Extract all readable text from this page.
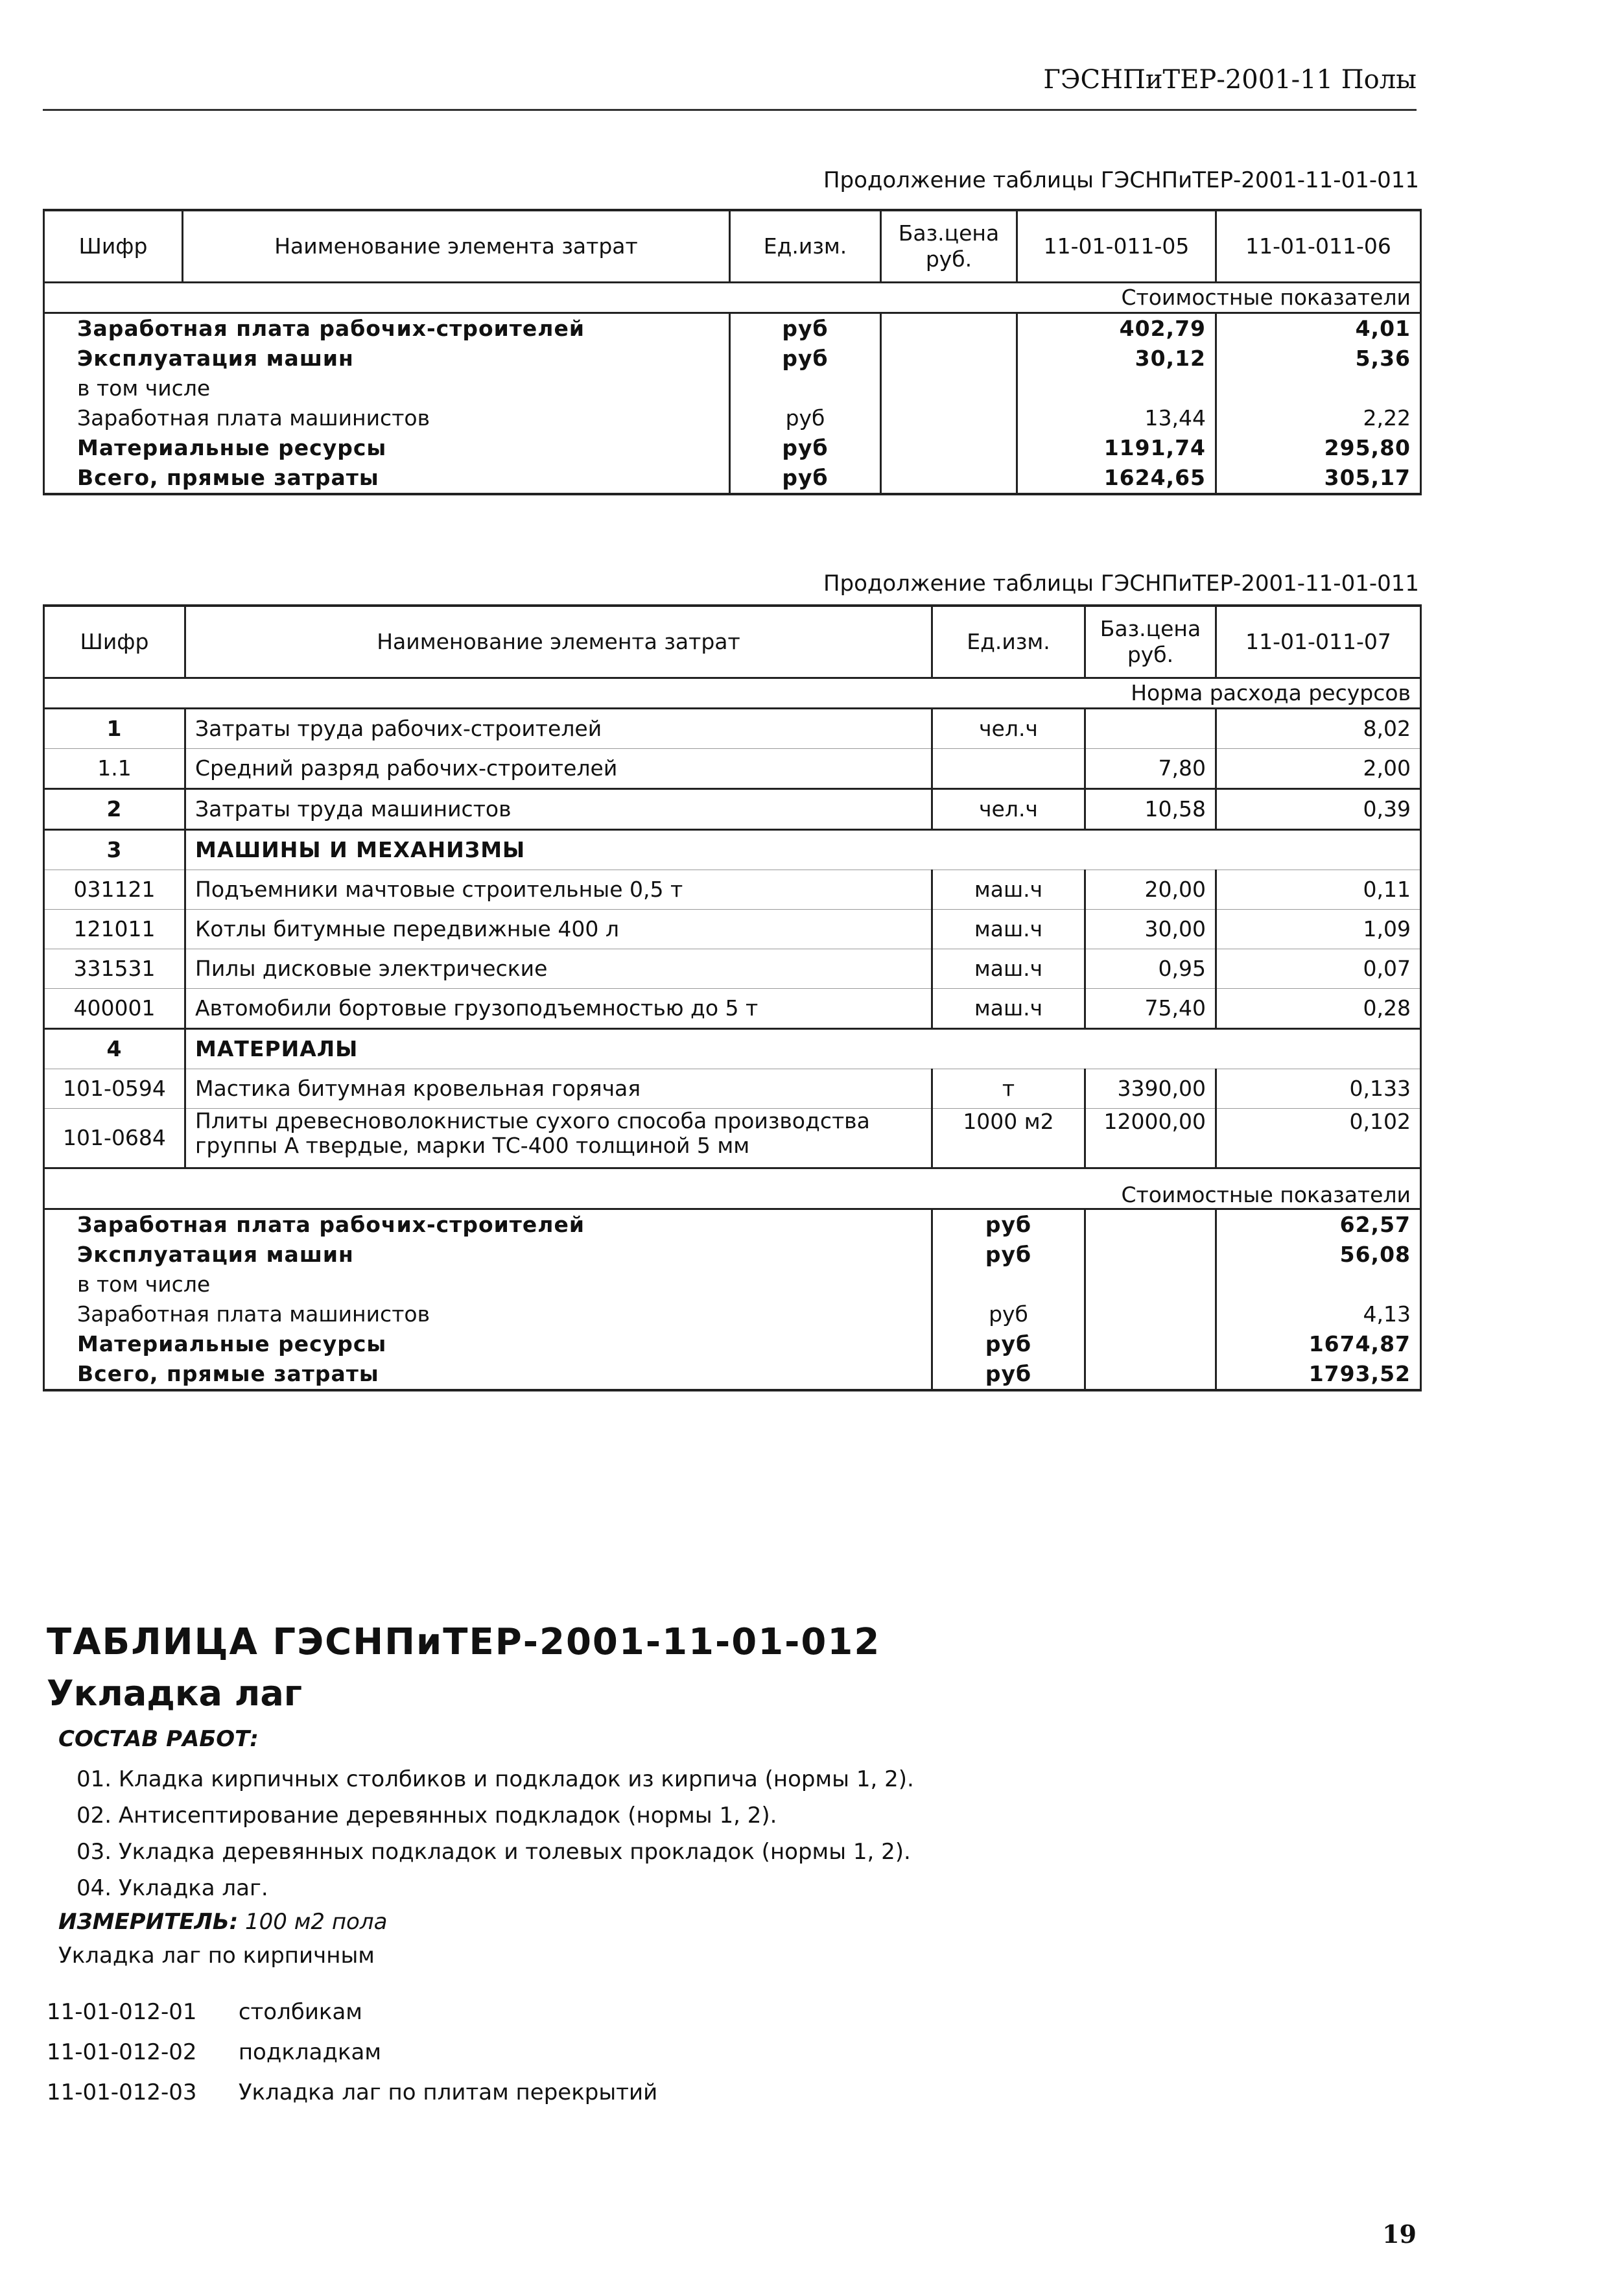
ГЭСНПиТЕР-2001-11 Полы
Продолжение таблицы ГЭСНПиТЕР-2001-11-01-011
Шифр	Наименование элемента затрат	Ед.изм.	Баз.цена руб.	11-01-011-05	11-01-011-06
Стоимостные показатели					
Заработная плата рабочих-строителей		руб		402,79	4,01
Эксплуатация машин		руб		30,12	5,36
в том числе					
Заработная плата машинистов		руб		13,44	2,22
Материальные ресурсы		руб		1191,74	295,80
Всего, прямые затраты		руб		1624,65	305,17
Продолжение таблицы ГЭСНПиТЕР-2001-11-01-011
Шифр	Наименование элемента затрат	Ед.изм.	Баз.цена руб.	11-01-011-07
Норма расхода ресурсов				
1	Затраты труда рабочих-строителей	чел.ч		8,02
1.1	Средний разряд рабочих-строителей		7,80	2,00
2	Затраты труда машинистов	чел.ч	10,58	0,39
3	МАШИНЫ И МЕХАНИЗМЫ			
031121	Подъемники мачтовые строительные 0,5 т	маш.ч	20,00	0,11
121011	Котлы битумные передвижные 400 л	маш.ч	30,00	1,09
331531	Пилы дисковые электрические	маш.ч	0,95	0,07
400001	Автомобили бортовые грузоподъемностью до 5 т	маш.ч	75,40	0,28
4	МАТЕРИАЛЫ			
101-0594	Мастика битумная кровельная горячая	т	3390,00	0,133
101-0684	Плиты древесноволокнистые сухого способа производства
группы А твердые, марки ТС-400 толщиной 5 мм	1000 м2	12000,00	0,102
Стоимостные показатели				
Заработная плата рабочих-строителей		руб		62,57
Эксплуатация машин		руб		56,08
в том числе				
Заработная плата машинистов		руб		4,13
Материальные ресурсы		руб		1674,87
Всего, прямые затраты		руб		1793,52
ТАБЛИЦА ГЭСНПиТЕР-2001-11-01-012
Укладка лаг
СОСТАВ РАБОТ:
01. Кладка кирпичных столбиков и подкладок из кирпича (нормы 1, 2).
02. Антисептирование деревянных подкладок (нормы 1, 2).
03. Укладка деревянных подкладок и толевых прокладок (нормы 1, 2).
04. Укладка лаг.
ИЗМЕРИТЕЛЬ: 100 м2 пола
Укладка лаг по кирпичным
11-01-012-01 столбикам
11-01-012-02 подкладкам
11-01-012-03 Укладка лаг по плитам перекрытий
19
